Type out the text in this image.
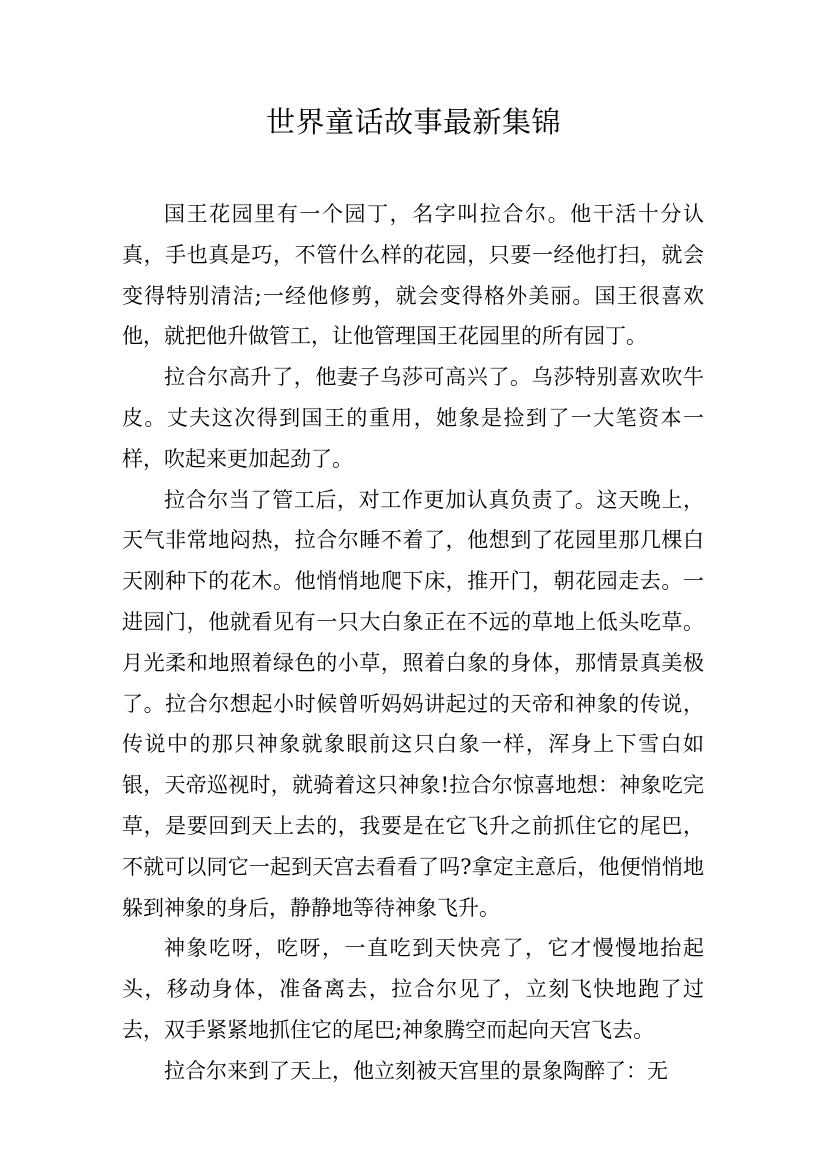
世界童话故事最新集锦

国王花园里有一个园丁，名字叫拉合尔。他干活十分认真，手也真是巧，不管什么样的花园，只要一经他打扫，就会变得特别清洁;一经他修剪，就会变得格外美丽。国王很喜欢他，就把他升做管工，让他管理国王花园里的所有园丁。

拉合尔高升了，他妻子乌莎可高兴了。乌莎特别喜欢吹牛皮。丈夫这次得到国王的重用，她象是捡到了一大笔资本一样，吹起来更加起劲了。

拉合尔当了管工后，对工作更加认真负责了。这天晚上，天气非常地闷热，拉合尔睡不着了，他想到了花园里那几棵白天刚种下的花木。他悄悄地爬下床，推开门，朝花园走去。一进园门，他就看见有一只大白象正在不远的草地上低头吃草。月光柔和地照着绿色的小草，照着白象的身体，那情景真美极了。拉合尔想起小时候曾听妈妈讲起过的天帝和神象的传说，传说中的那只神象就象眼前这只白象一样，浑身上下雪白如银，天帝巡视时，就骑着这只神象!拉合尔惊喜地想：神象吃完草，是要回到天上去的，我要是在它飞升之前抓住它的尾巴，不就可以同它一起到天宫去看看了吗?拿定主意后，他便悄悄地躲到神象的身后，静静地等待神象飞升。

神象吃呀，吃呀，一直吃到天快亮了，它才慢慢地抬起头，移动身体，准备离去，拉合尔见了，立刻飞快地跑了过去，双手紧紧地抓住它的尾巴;神象腾空而起向天宫飞去。

拉合尔来到了天上，他立刻被天宫里的景象陶醉了：无
